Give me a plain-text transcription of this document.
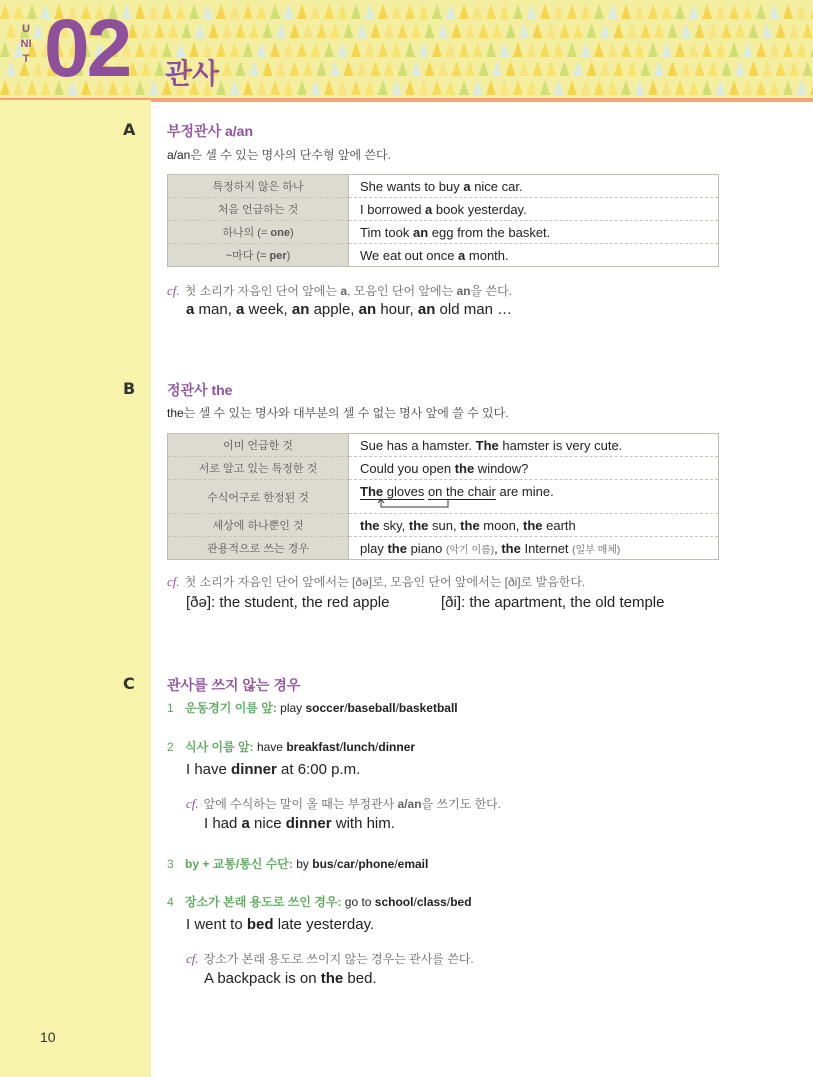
UNIT 02 관사
A 부정관사 a/an
a/an은 셀 수 있는 명사의 단수형 앞에 쓴다.
특정하지 않은 하나	She wants to buy a nice car.
처음 언급하는 것	I borrowed a book yesterday.
하나의 (= one)	Tim took an egg from the basket.
~마다 (= per)	We eat out once a month.
cf. 첫 소리가 자음인 단어 앞에는 a, 모음인 단어 앞에는 an을 쓴다.
a man, a week, an apple, an hour, an old man …
B 정관사 the
the는 셀 수 있는 명사와 대부분의 셀 수 없는 명사 앞에 쓸 수 있다.
이미 언급한 것	Sue has a hamster. The hamster is very cute.
서로 알고 있는 특정한 것	Could you open the window?
수식어구로 한정된 것	The gloves on the chair are mine.

세상에 하나뿐인 것	the sky, the sun, the moon, the earth
관용적으로 쓰는 경우	play the piano (악기 이름), the Internet (일부 매체)
cf. 첫 소리가 자음인 단어 앞에서는 [ðə]로, 모음인 단어 앞에서는 [ði]로 발음한다.
[ðə]: the student, the red apple	[ði]: the apartment, the old temple
C 관사를 쓰지 않는 경우
1 운동경기 이름 앞: play soccer/baseball/basketball
2 식사 이름 앞: have breakfast/lunch/dinner
I have dinner at 6:00 p.m.
cf. 앞에 수식하는 말이 올 때는 부정관사 a/an을 쓰기도 한다.
I had a nice dinner with him.
3 by + 교통/통신 수단: by bus/car/phone/email
4 장소가 본래 용도로 쓰인 경우: go to school/class/bed
I went to bed late yesterday.
cf. 장소가 본래 용도로 쓰이지 않는 경우는 관사를 쓴다.
A backpack is on the bed.
10
